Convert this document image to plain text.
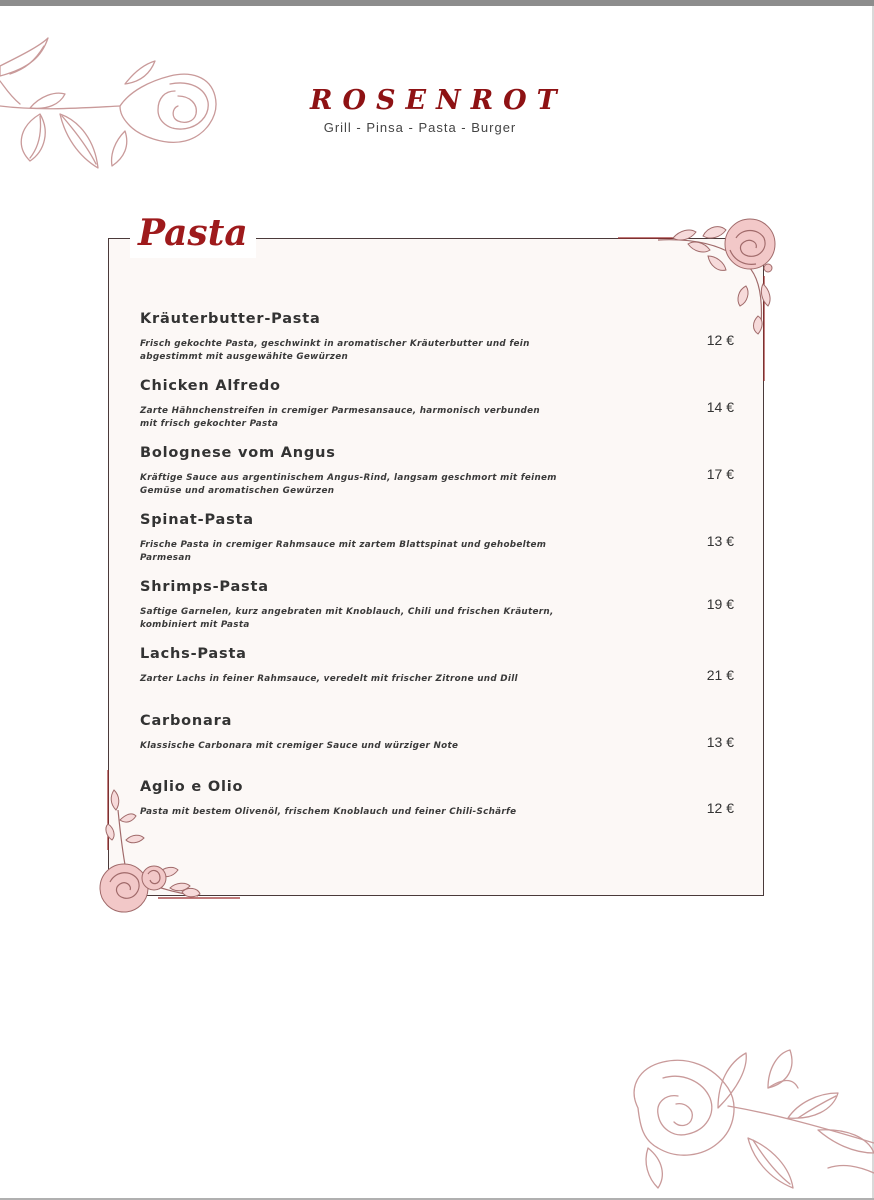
ROSENROT
Grill - Pinsa - Pasta - Burger
Pasta
Kräuterbutter-Pasta
Frisch gekochte Pasta, geschwinkt in aromatischer Kräuterbutter und fein abgestimmt mit ausgewähite Gewürzen
12 €
Chicken Alfredo
Zarte Hähnchenstreifen in cremiger Parmesansauce, harmonisch verbunden mit frisch gekochter Pasta
14 €
Bolognese vom Angus
Kräftige Sauce aus argentinischem Angus-Rind, langsam geschmort mit feinem Gemüse und aromatischen Gewürzen
17 €
Spinat-Pasta
Frische Pasta in cremiger Rahmsauce mit zartem Blattspinat und gehobeltem Parmesan
13 €
Shrimps-Pasta
Saftige Garnelen, kurz angebraten mit Knoblauch, Chili und frischen Kräutern, kombiniert mit Pasta
19 €
Lachs-Pasta
Zarter Lachs in feiner Rahmsauce, veredelt mit frischer Zitrone und Dill	21 €
Carbonara
Klassische Carbonara mit cremiger Sauce und würziger Note	13 €
Aglio e Olio
Pasta mit bestem Olivenöl, frischem Knoblauch und feiner Chili-Schärfe	12 €
